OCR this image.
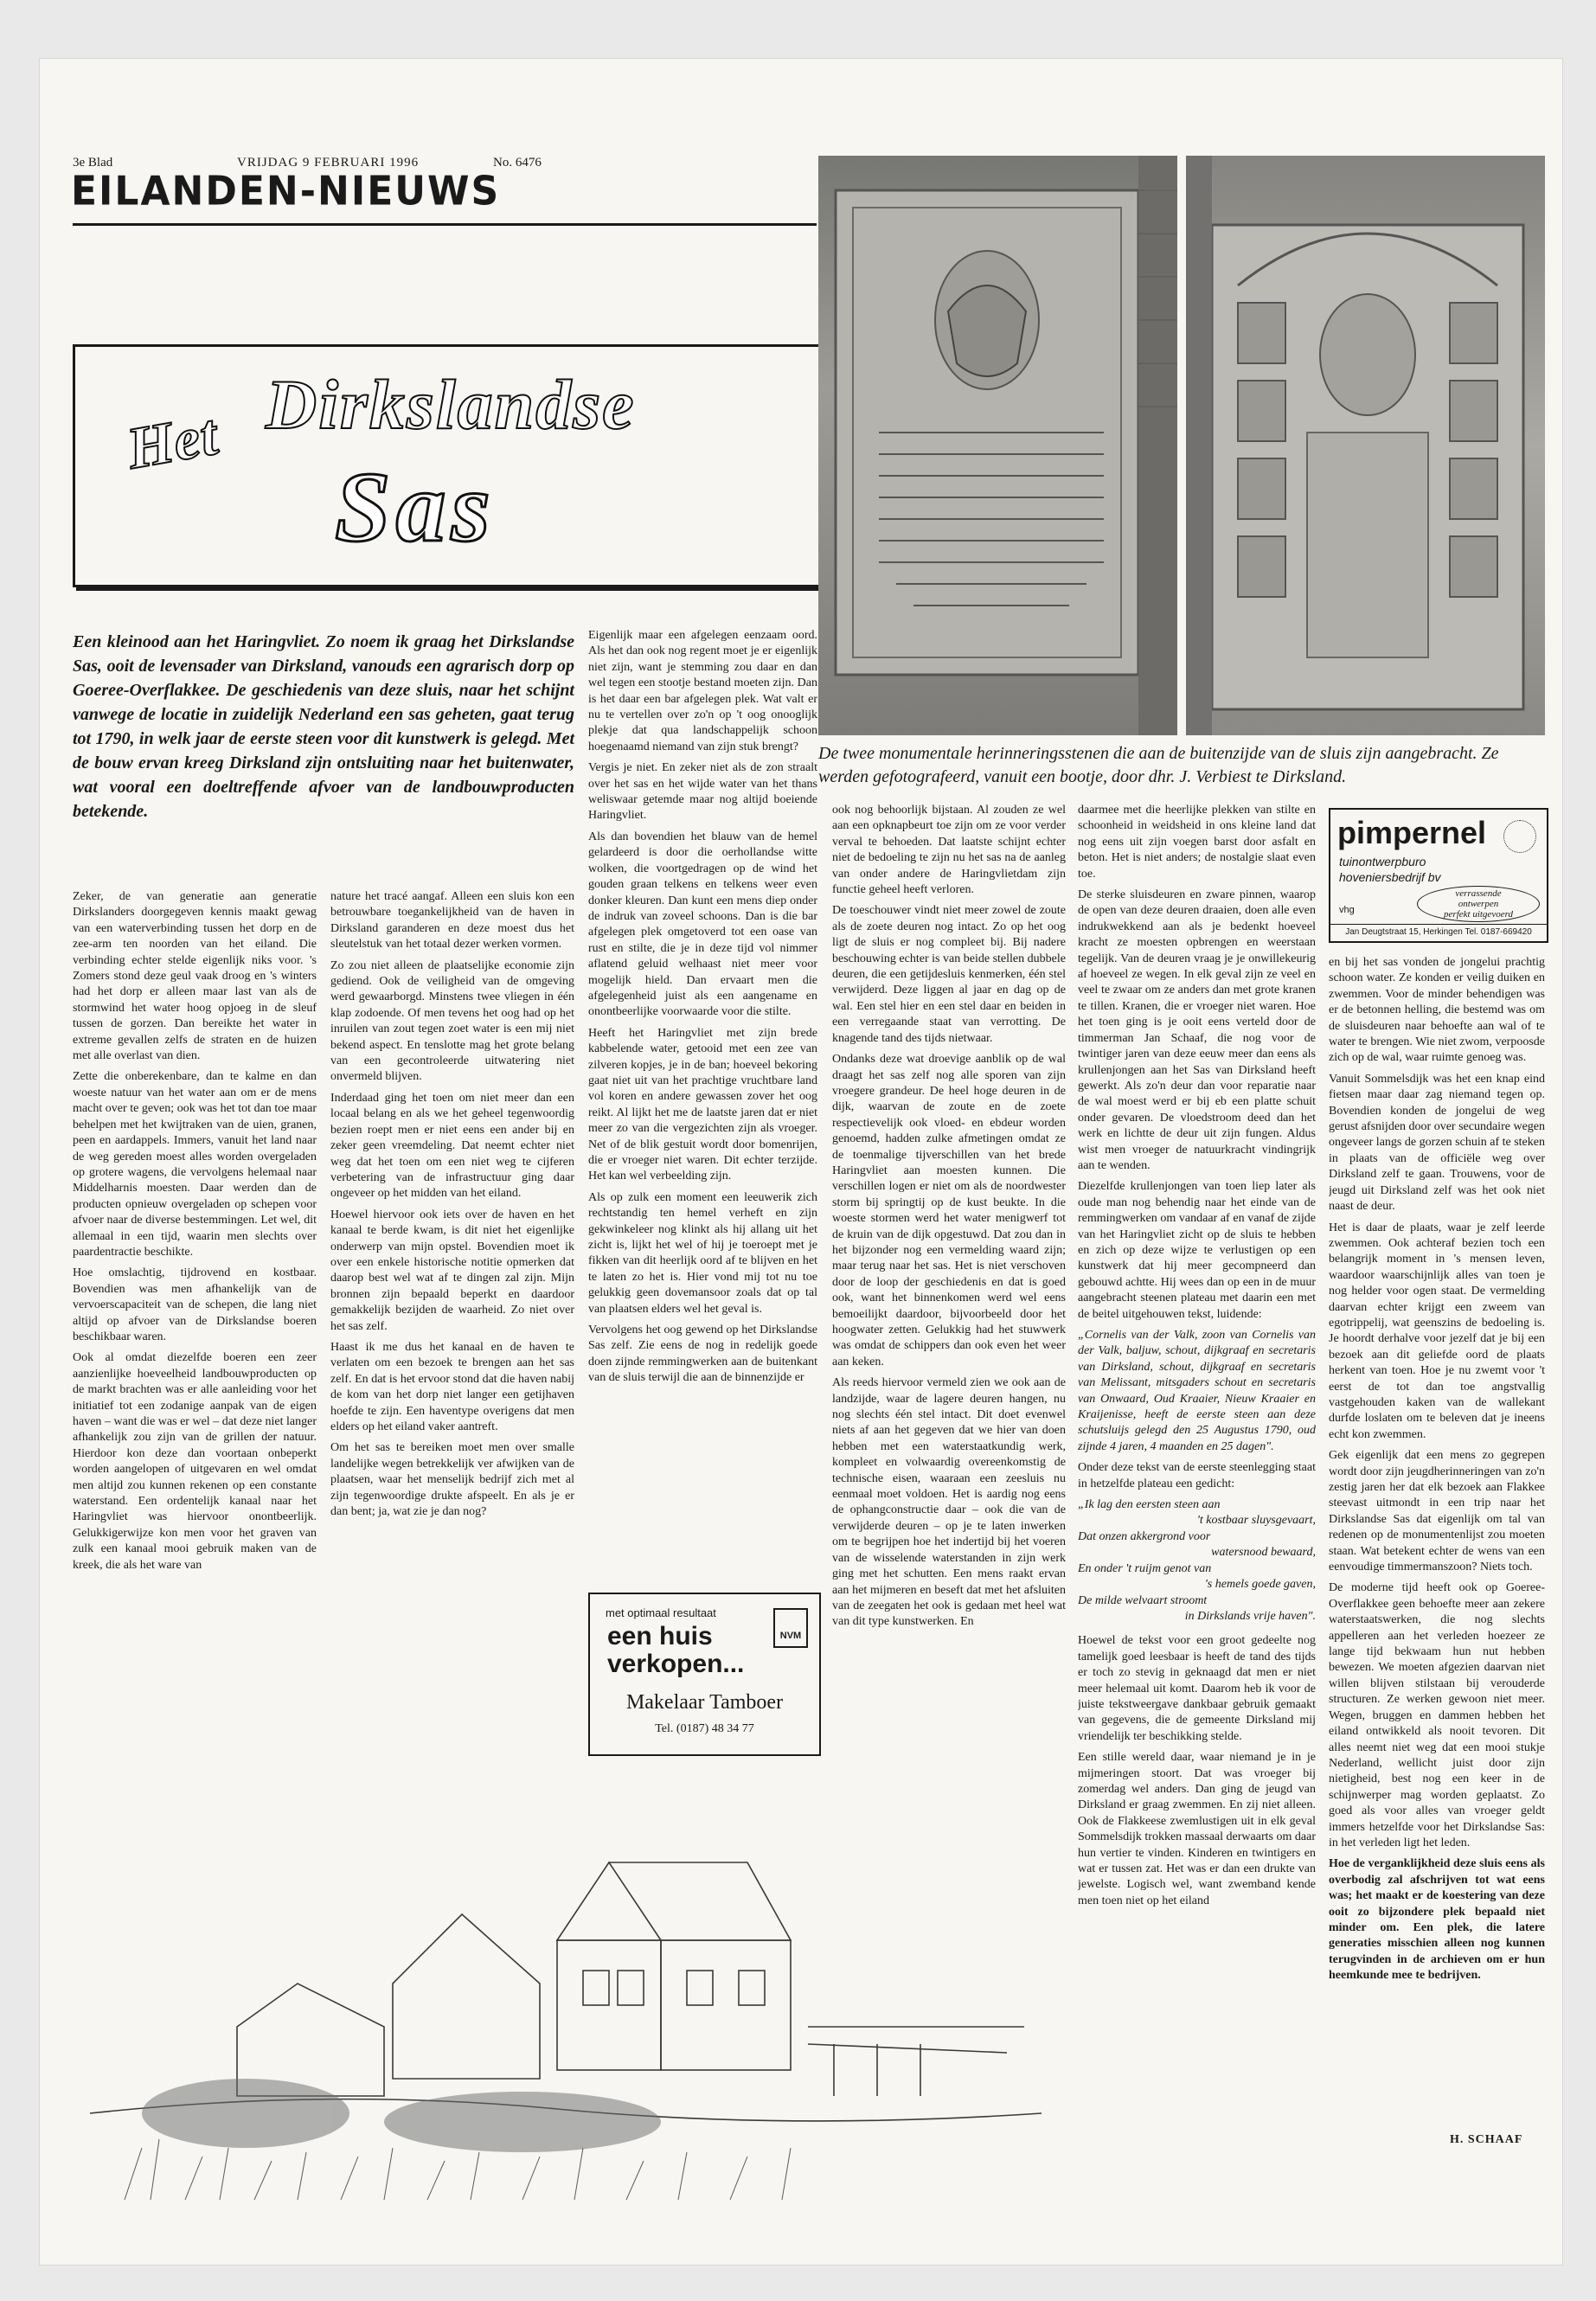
3e Blad	VRIJDAG 9 FEBRUARI 1996	No. 6476
EILANDEN-NIEUWS
Het Dirkslandse
Sas
Een kleinood aan het Haringvliet. Zo noem ik graag het Dirkslandse Sas, ooit de levensader van Dirksland, vanouds een agrarisch dorp op Goeree-Overflakkee. De geschiedenis van deze sluis, naar het schijnt vanwege de locatie in zuidelijk Nederland een sas geheten, gaat terug tot 1790, in welk jaar de eerste steen voor dit kunstwerk is gelegd. Met de bouw ervan kreeg Dirksland zijn ontsluiting naar het buitenwater, wat vooral een doeltreffende afvoer van de landbouwproducten betekende.
De twee monumentale herinneringsstenen die aan de buitenzijde van de sluis zijn aangebracht. Ze werden gefotografeerd, vanuit een bootje, door dhr. J. Verbiest te Dirksland.

Zeker, de van generatie aan generatie Dirkslanders doorgegeven kennis maakt gewag van een waterverbinding tussen het dorp en de zee-arm ten noorden van het eiland. Die verbinding echter stelde eigenlijk niks voor. 's Zomers stond deze geul vaak droog en 's winters had het dorp er alleen maar last van als de stormwind het water hoog opjoeg in de sleuf tussen de gorzen. Dan bereikte het water in extreme gevallen zelfs de straten en de huizen met alle overlast van dien.

Zette die onberekenbare, dan te kalme en dan woeste natuur van het water aan om er de mens macht over te geven; ook was het tot dan toe maar behelpen met het kwijtraken van de uien, granen, peen en aardappels. Immers, vanuit het land naar de weg gereden moest alles worden overgeladen op grotere wagens, die vervolgens helemaal naar Middelharnis moesten. Daar werden dan de producten opnieuw overgeladen op schepen voor afvoer naar de diverse bestemmingen. Let wel, dit allemaal in een tijd, waarin men slechts over paardentractie beschikte.

Hoe omslachtig, tijdrovend en kostbaar. Bovendien was men afhankelijk van de vervoerscapaciteit van de schepen, die lang niet altijd op afvoer van de Dirkslandse boeren beschikbaar waren.

Ook al omdat diezelfde boeren een zeer aanzienlijke hoeveelheid landbouwproducten op de markt brachten was er alle aanleiding voor het initiatief tot een zodanige aanpak van de eigen haven – want die was er wel – dat deze niet langer afhankelijk zou zijn van de grillen der natuur. Hierdoor kon deze dan voortaan onbeperkt worden aangelopen of uitgevaren en wel omdat men altijd zou kunnen rekenen op een constante waterstand. Een ordentelijk kanaal naar het Haringvliet was hiervoor onontbeerlijk. Gelukkigerwijze kon men voor het graven van zulk een kanaal mooi gebruik maken van de kreek, die als het ware van

nature het tracé aangaf. Alleen een sluis kon een betrouwbare toegankelijkheid van de haven in Dirksland garanderen en deze moest dus het sleutelstuk van het totaal dezer werken vormen.

Zo zou niet alleen de plaatselijke economie zijn gediend. Ook de veiligheid van de omgeving werd gewaarborgd. Minstens twee vliegen in één klap zodoende. Of men tevens het oog had op het inruilen van zout tegen zoet water is een mij niet bekend aspect. En tenslotte mag het grote belang van een gecontroleerde uitwatering niet onvermeld blijven.

Inderdaad ging het toen om niet meer dan een locaal belang en als we het geheel tegenwoordig bezien roept men er niet eens een ander bij en zeker geen vreemdeling. Dat neemt echter niet weg dat het toen om een niet weg te cijferen verbetering van de infrastructuur ging daar ongeveer op het midden van het eiland.

Hoewel hiervoor ook iets over de haven en het kanaal te berde kwam, is dit niet het eigenlijke onderwerp van mijn opstel. Bovendien moet ik over een enkele historische notitie opmerken dat daarop best wel wat af te dingen zal zijn. Mijn bronnen zijn bepaald beperkt en daardoor gemakkelijk bezijden de waarheid. Zo niet over het sas zelf.

Haast ik me dus het kanaal en de haven te verlaten om een bezoek te brengen aan het sas zelf. En dat is het ervoor stond dat die haven nabij de kom van het dorp niet langer een getijhaven hoefde te zijn. Een haventype overigens dat men elders op het eiland vaker aantreft.

Om het sas te bereiken moet men over smalle landelijke wegen betrekkelijk ver afwijken van de plaatsen, waar het menselijk bedrijf zich met al zijn tegenwoordige drukte afspeelt. En als je er dan bent; ja, wat zie je dan nog?

Eigenlijk maar een afgelegen eenzaam oord. Als het dan ook nog regent moet je er eigenlijk niet zijn, want je stemming zou daar en dan wel tegen een stootje bestand moeten zijn. Dan is het daar een bar afgelegen plek. Wat valt er nu te vertellen over zo'n op 't oog onooglijk plekje dat qua landschappelijk schoon hoegenaamd niemand van zijn stuk brengt?

Vergis je niet. En zeker niet als de zon straalt over het sas en het wijde water van het thans weliswaar getemde maar nog altijd boeiende Haringvliet.

Als dan bovendien het blauw van de hemel gelardeerd is door die oerhollandse witte wolken, die voortgedragen op de wind het gouden graan telkens en telkens weer even donker kleuren. Dan kunt een mens diep onder de indruk van zoveel schoons. Dan is die bar afgelegen plek omgetoverd tot een oase van rust en stilte, die je in deze tijd vol nimmer aflatend geluid welhaast niet meer voor mogelijk hield. Dan ervaart men die afgelegenheid juist als een aangename en onontbeerlijke voorwaarde voor die stilte.

Heeft het Haringvliet met zijn brede kabbelende water, getooid met een zee van zilveren kopjes, je in de ban; hoeveel bekoring gaat niet uit van het prachtige vruchtbare land vol koren en andere gewassen zover het oog reikt. Al lijkt het me de laatste jaren dat er niet meer zo van die vergezichten zijn als vroeger. Net of de blik gestuit wordt door bomenrijen, die er vroeger niet waren. Dit echter terzijde. Het kan wel verbeelding zijn.

Als op zulk een moment een leeuwerik zich rechtstandig ten hemel verheft en zijn gekwinkeleer nog klinkt als hij allang uit het zicht is, lijkt het wel of hij je toeroept met je fikken van dit heerlijk oord af te blijven en het te laten zo het is. Hier vond mij tot nu toe gelukkig geen dovemansoor zoals dat op tal van plaatsen elders wel het geval is.

Vervolgens het oog gewend op het Dirkslandse Sas zelf. Zie eens de nog in redelijk goede doen zijnde remmingwerken aan de buitenkant van de sluis terwijl die aan de binnenzijde er

met optimaal resultaat
een huis
verkopen...
NVM
Makelaar Tamboer
Tel. (0187) 48 34 77

ook nog behoorlijk bijstaan. Al zouden ze wel aan een opknapbeurt toe zijn om ze voor verder verval te behoeden. Dat laatste schijnt echter niet de bedoeling te zijn nu het sas na de aanleg van onder andere de Haringvlietdam zijn functie geheel heeft verloren.

De toeschouwer vindt niet meer zowel de zoute als de zoete deuren nog intact. Zo op het oog ligt de sluis er nog compleet bij. Bij nadere beschouwing echter is van beide stellen dubbele deuren, die een getijdesluis kenmerken, één stel verwijderd. Deze liggen al jaar en dag op de wal. Een stel hier en een stel daar en beiden in een verregaande staat van verrotting. De knagende tand des tijds nietwaar.

Ondanks deze wat droevige aanblik op de wal draagt het sas zelf nog alle sporen van zijn vroegere grandeur. De heel hoge deuren in de dijk, waarvan de zoute en de zoete respectievelijk ook vloed- en ebdeur worden genoemd, hadden zulke afmetingen omdat ze de toenmalige tijverschillen van het brede Haringvliet aan moesten kunnen. Die verschillen logen er niet om als de noordwester storm bij springtij op de kust beukte. In die woeste stormen werd het water menigwerf tot de kruin van de dijk opgestuwd. Dat zou dan in het bijzonder nog een vermelding waard zijn; maar terug naar het sas. Het is niet verschoven door de loop der geschiedenis en dat is goed ook, want het binnenkomen werd wel eens bemoeilijkt daardoor, bijvoorbeeld door het hoogwater zetten. Gelukkig had het stuwwerk was omdat de schippers dan ook even het weer aan keken.

Als reeds hiervoor vermeld zien we ook aan de landzijde, waar de lagere deuren hangen, nu nog slechts één stel intact. Dit doet evenwel niets af aan het gegeven dat we hier van doen hebben met een waterstaatkundig werk, kompleet en volwaardig overeenkomstig de technische eisen, waaraan een zeesluis nu eenmaal moet voldoen. Het is aardig nog eens de ophangconstructie daar – ook die van de verwijderde deuren – op je te laten inwerken om te begrijpen hoe het indertijd bij het voeren van de wisselende waterstanden in zijn werk ging met het schutten. Een mens raakt ervan aan het mijmeren en beseft dat met het afsluiten van de zeegaten het ook is gedaan met heel wat van dit type kunstwerken. En

daarmee met die heerlijke plekken van stilte en schoonheid in weidsheid in ons kleine land dat nog eens uit zijn voegen barst door asfalt en beton. Het is niet anders; de nostalgie slaat even toe.

De sterke sluisdeuren en zware pinnen, waarop de open van deze deuren draaien, doen alle even indrukwekkend aan als je bedenkt hoeveel kracht ze moesten opbrengen en weerstaan tegelijk. Van de deuren vraag je je onwillekeurig af hoeveel ze wegen. In elk geval zijn ze veel en veel te zwaar om ze anders dan met grote kranen te tillen. Kranen, die er vroeger niet waren. Hoe het toen ging is je ooit eens verteld door de timmerman Jan Schaaf, die nog voor de twintiger jaren van deze eeuw meer dan eens als krullenjongen aan het Sas van Dirksland heeft gewerkt. Als zo'n deur dan voor reparatie naar de wal moest werd er bij eb een platte schuit onder gevaren. De vloedstroom deed dan het werk en lichtte de deur uit zijn fungen. Aldus wist men vroeger de natuurkracht vindingrijk aan te wenden.

Diezelfde krullenjongen van toen liep later als oude man nog behendig naar het einde van de remmingwerken om vandaar af en vanaf de zijde van het Haringvliet zicht op de sluis te hebben en zich op deze wijze te verlustigen op een kunstwerk dat hij meer gecompneerd dan gebouwd achtte. Hij wees dan op een in de muur aangebracht steenen plateau met daarin een met de beitel uitgehouwen tekst, luidende:

„Cornelis van der Valk, zoon van Cornelis van der Valk, baljuw, schout, dijkgraaf en secretaris van Dirksland, schout, dijkgraaf en secretaris van Melissant, mitsgaders schout en secretaris van Onwaard, Oud Kraaier, Nieuw Kraaier en Kraijenisse, heeft de eerste steen aan deze schutsluijs gelegd den 25 Augustus 1790, oud zijnde 4 jaren, 4 maanden en 25 dagen".

Onder deze tekst van de eerste steenlegging staat in hetzelfde plateau een gedicht:

„Ik lag den eersten steen aan
't kostbaar sluysgevaart,
Dat onzen akkergrond voor
watersnood bewaard,
En onder 't ruijm genot van
's hemels goede gaven,
De milde welvaart stroomt
in Dirkslands vrije haven".

Hoewel de tekst voor een groot gedeelte nog tamelijk goed leesbaar is heeft de tand des tijds er toch zo stevig in geknaagd dat men er niet meer helemaal uit komt. Daarom heb ik voor de juiste tekstweergave dankbaar gebruik gemaakt van gegevens, die de gemeente Dirksland mij vriendelijk ter beschikking stelde.

Een stille wereld daar, waar niemand je in je mijmeringen stoort. Dat was vroeger bij zomerdag wel anders. Dan ging de jeugd van Dirksland er graag zwemmen. En zij niet alleen. Ook de Flakkeese zwemlustigen uit in elk geval Sommelsdijk trokken massaal derwaarts om daar hun vertier te vinden. Kinderen en twintigers en wat er tussen zat. Het was er dan een drukte van jewelste. Logisch wel, want zwemband kende men toen niet op het eiland

pimpernel
tuinontwerpburo
hoveniersbedrijf bv
vhg
verrassende
ontwerpen
perfekt uitgevoerd
Jan Deugtstraat 15, Herkingen Tel. 0187-669420

en bij het sas vonden de jongelui prachtig schoon water. Ze konden er veilig duiken en zwemmen. Voor de minder behendigen was er de betonnen helling, die bestemd was om de sluisdeuren naar behoefte aan wal of te water te brengen. Wie niet zwom, verpoosde zich op de wal, waar ruimte genoeg was.

Vanuit Sommelsdijk was het een knap eind fietsen maar daar zag niemand tegen op. Bovendien konden de jongelui de weg gerust afsnijden door over secundaire wegen ongeveer langs de gorzen schuin af te steken in plaats van de officiële weg over Dirksland zelf te gaan. Trouwens, voor de jeugd uit Dirksland zelf was het ook niet naast de deur.

Het is daar de plaats, waar je zelf leerde zwemmen. Ook achteraf bezien toch een belangrijk moment in 's mensen leven, waardoor waarschijnlijk alles van toen je nog helder voor ogen staat. De vermelding daarvan echter krijgt een zweem van egotrippelij, wat geenszins de bedoeling is. Je hoordt derhalve voor jezelf dat je bij een bezoek aan dit geliefde oord de plaats herkent van toen. Hoe je nu zwemt voor 't eerst de tot dan toe angstvallig vastgehouden kaken van de wallekant durfde loslaten om te beleven dat je ineens echt kon zwemmen.

Gek eigenlijk dat een mens zo gegrepen wordt door zijn jeugdherinneringen van zo'n zestig jaren her dat elk bezoek aan Flakkee steevast uitmondt in een trip naar het Dirkslandse Sas dat eigenlijk om tal van redenen op de monumentenlijst zou moeten staan. Wat betekent echter de wens van een eenvoudige timmermanszoon? Niets toch.

De moderne tijd heeft ook op Goeree-Overflakkee geen behoefte meer aan zekere waterstaatswerken, die nog slechts appelleren aan het verleden hoezeer ze lange tijd bekwaam hun nut hebben bewezen. We moeten afgezien daarvan niet willen blijven stilstaan bij verouderde structuren. Ze werken gewoon niet meer. Wegen, bruggen en dammen hebben het eiland ontwikkeld als nooit tevoren. Dit alles neemt niet weg dat een mooi stukje Nederland, wellicht juist door zijn nietigheid, best nog een keer in de schijnwerper mag worden geplaatst. Zo goed als voor alles van vroeger geldt immers hetzelfde voor het Dirkslandse Sas: in het verleden ligt het leden.

Hoe de verganklijkheid deze sluis eens als overbodig zal afschrijven tot wat eens was; het maakt er de koestering van deze ooit zo bijzondere plek bepaald niet minder om. Een plek, die latere generaties misschien alleen nog kunnen terugvinden in de archieven om er hun heemkunde mee te bedrijven.

H. SCHAAF
